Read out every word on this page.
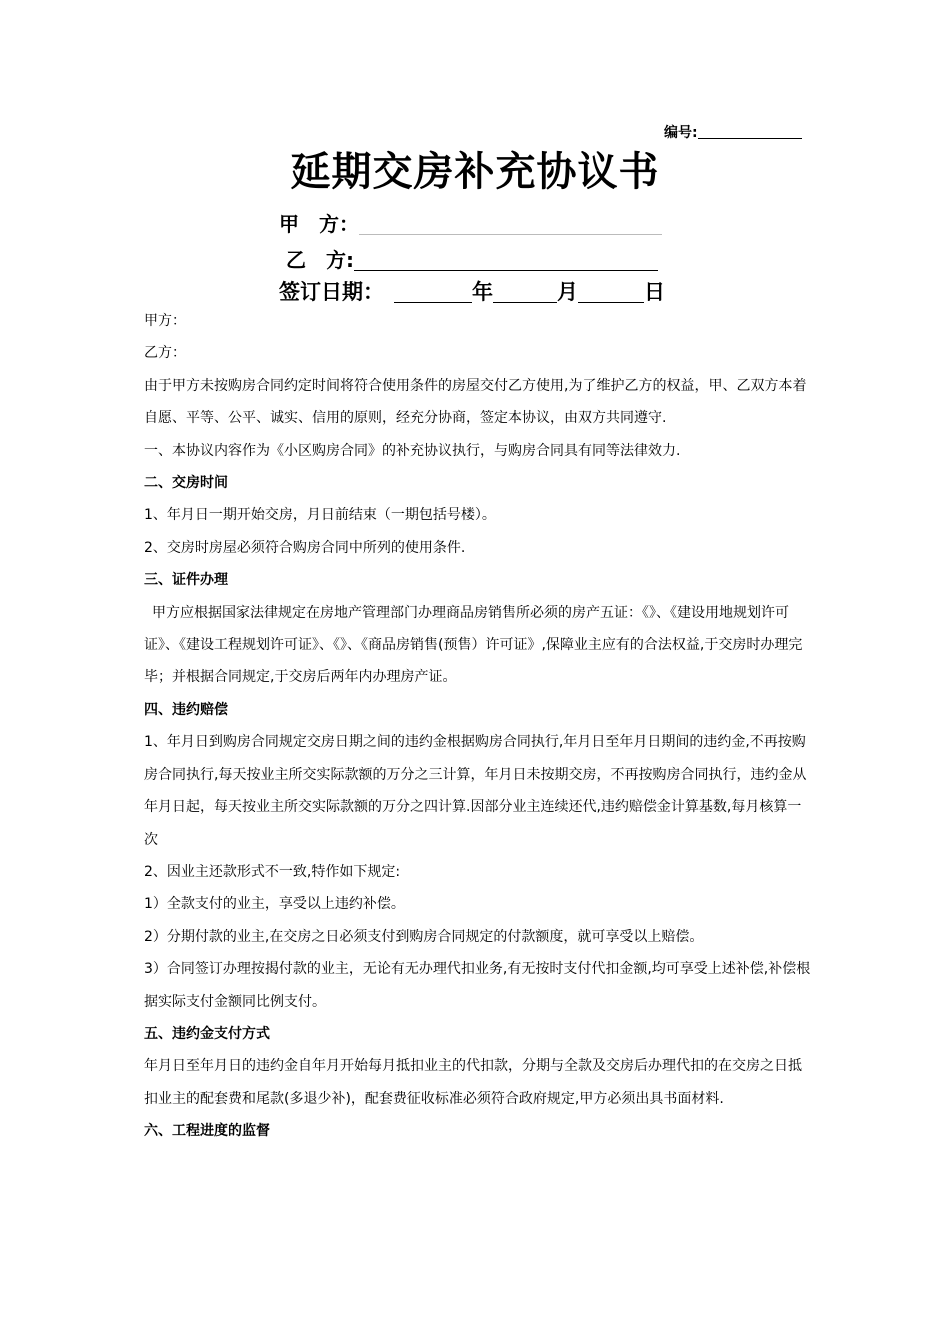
编号:
延期交房补充协议书
甲　方：
乙　方:
签订日期：	年	月	日

甲方：

乙方：

由于甲方未按购房合同约定时间将符合使用条件的房屋交付乙方使用,为了维护乙方的权益，甲、乙双方本着自愿、平等、公平、诚实、信用的原则，经充分协商，签定本协议，由双方共同遵守.

一、本协议内容作为《小区购房合同》的补充协议执行，与购房合同具有同等法律效力.

二、交房时间

1、年月日一期开始交房，月日前结束（一期包括号楼）。

2、交房时房屋必须符合购房合同中所列的使用条件.

三、证件办理

甲方应根据国家法律规定在房地产管理部门办理商品房销售所必须的房产五证：《》、《建设用地规划许可证》、《建设工程规划许可证》、《》、《商品房销售(预售）许可证》,保障业主应有的合法权益,于交房时办理完毕；并根据合同规定,于交房后两年内办理房产证。

四、违约赔偿

1、年月日到购房合同规定交房日期之间的违约金根据购房合同执行,年月日至年月日期间的违约金,不再按购房合同执行,每天按业主所交实际款额的万分之三计算，年月日未按期交房，不再按购房合同执行，违约金从年月日起，每天按业主所交实际款额的万分之四计算.因部分业主连续还代,违约赔偿金计算基数,每月核算一次

2、因业主还款形式不一致,特作如下规定:

1）全款支付的业主，享受以上违约补偿。

2）分期付款的业主,在交房之日必须支付到购房合同规定的付款额度，就可享受以上赔偿。

3）合同签订办理按揭付款的业主，无论有无办理代扣业务,有无按时支付代扣金额,均可享受上述补偿,补偿根据实际支付金额同比例支付。

五、违约金支付方式

年月日至年月日的违约金自年月开始每月抵扣业主的代扣款，分期与全款及交房后办理代扣的在交房之日抵扣业主的配套费和尾款(多退少补)，配套费征收标准必须符合政府规定,甲方必须出具书面材料.

六、工程进度的监督
